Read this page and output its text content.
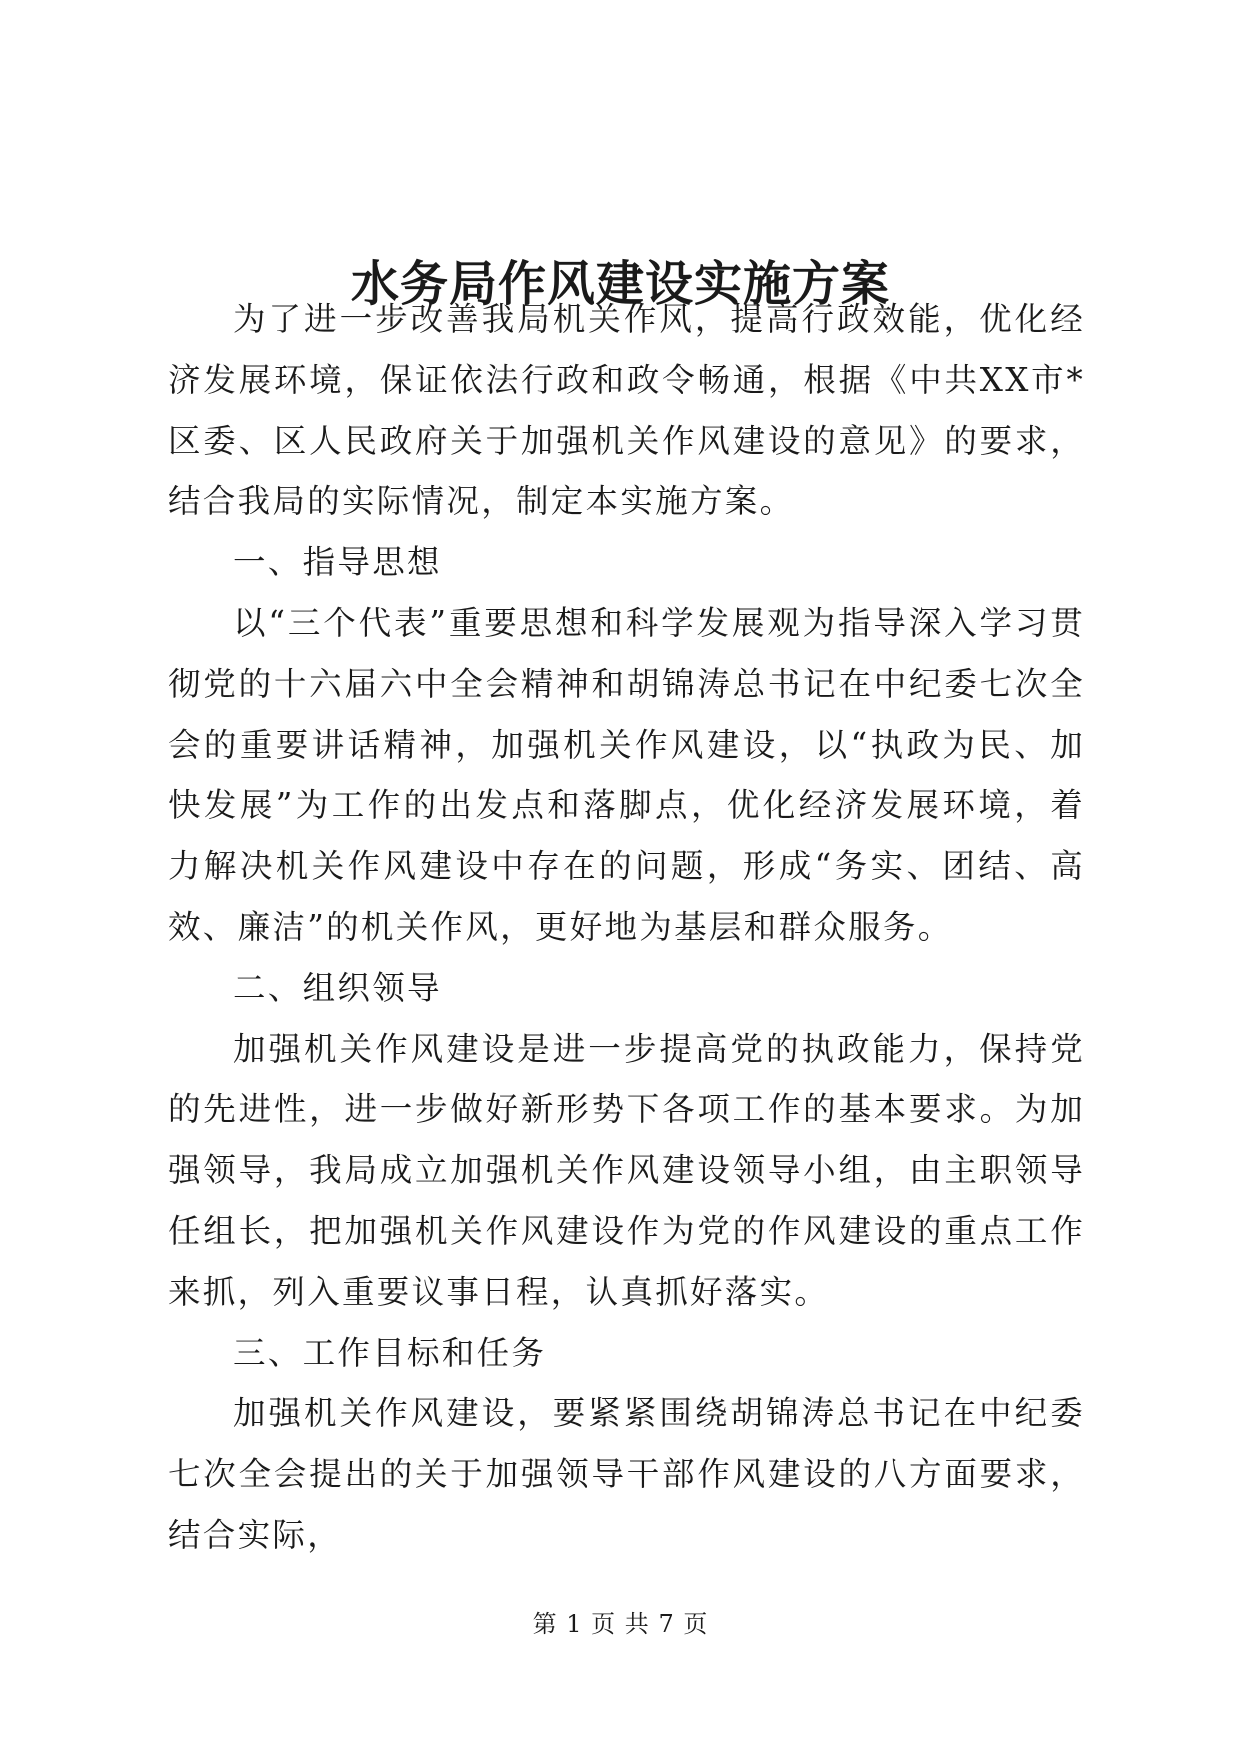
水务局作风建设实施方案

为了进一步改善我局机关作风，提高行政效能，优化经济发展环境，保证依法行政和政令畅通，根据《中共XX市*区委、区人民政府关于加强机关作风建设的意见》的要求，结合我局的实际情况，制定本实施方案。

一、指导思想

以“三个代表”重要思想和科学发展观为指导深入学习贯彻党的十六届六中全会精神和胡锦涛总书记在中纪委七次全会的重要讲话精神，加强机关作风建设，以“执政为民、加快发展”为工作的出发点和落脚点，优化经济发展环境，着力解决机关作风建设中存在的问题，形成“务实、团结、高效、廉洁”的机关作风，更好地为基层和群众服务。

二、组织领导

加强机关作风建设是进一步提高党的执政能力，保持党的先进性，进一步做好新形势下各项工作的基本要求。为加强领导，我局成立加强机关作风建设领导小组，由主职领导任组长，把加强机关作风建设作为党的作风建设的重点工作来抓，列入重要议事日程，认真抓好落实。

三、工作目标和任务

加强机关作风建设，要紧紧围绕胡锦涛总书记在中纪委七次全会提出的关于加强领导干部作风建设的八方面要求，结合实际，

第 1 页 共 7 页
